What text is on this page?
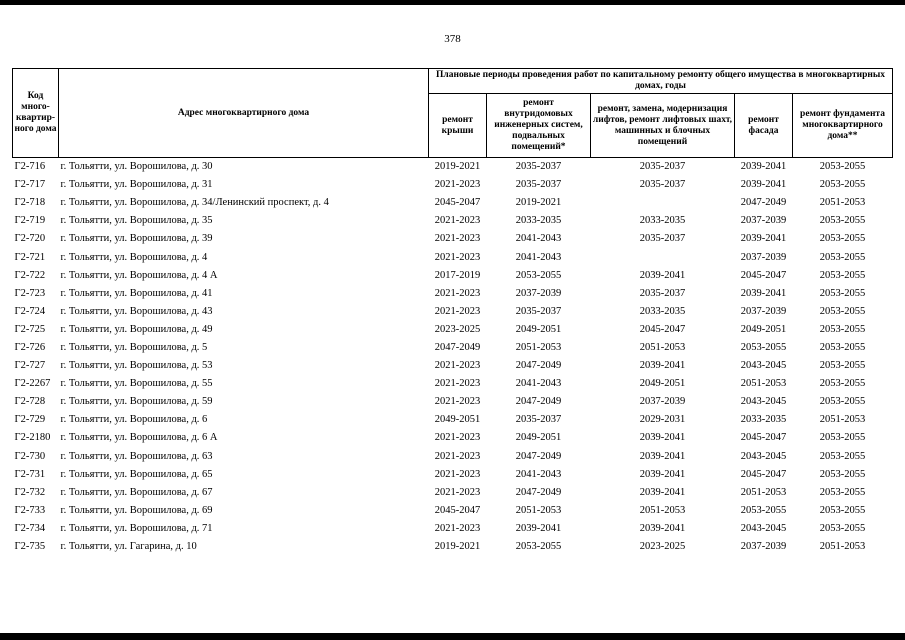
378
Код много-квартир-ного дома	Адрес многоквартирного дома	Плановые периоды проведения работ по капитальному ремонту общего имущества в многоквартирных домах, годы				
		ремонт крыши	ремонт внутридомовых инженерных систем, подвальных помещений*	ремонт, замена, модернизация лифтов, ремонт лифтовых шахт, машинных и блочных помещений	ремонт фасада	ремонт фундамента многоквартирного дома**
Г2-716	г. Тольятти, ул. Ворошилова, д. 30	2019-2021	2035-2037	2035-2037	2039-2041	2053-2055
Г2-717	г. Тольятти, ул. Ворошилова, д. 31	2021-2023	2035-2037	2035-2037	2039-2041	2053-2055
Г2-718	г. Тольятти, ул. Ворошилова, д. 34/Ленинский проспект, д. 4	2045-2047	2019-2021		2047-2049	2051-2053
Г2-719	г. Тольятти, ул. Ворошилова, д. 35	2021-2023	2033-2035	2033-2035	2037-2039	2053-2055
Г2-720	г. Тольятти, ул. Ворошилова, д. 39	2021-2023	2041-2043	2035-2037	2039-2041	2053-2055
Г2-721	г. Тольятти, ул. Ворошилова, д. 4	2021-2023	2041-2043		2037-2039	2053-2055
Г2-722	г. Тольятти, ул. Ворошилова, д. 4 А	2017-2019	2053-2055	2039-2041	2045-2047	2053-2055
Г2-723	г. Тольятти, ул. Ворошилова, д. 41	2021-2023	2037-2039	2035-2037	2039-2041	2053-2055
Г2-724	г. Тольятти, ул. Ворошилова, д. 43	2021-2023	2035-2037	2033-2035	2037-2039	2053-2055
Г2-725	г. Тольятти, ул. Ворошилова, д. 49	2023-2025	2049-2051	2045-2047	2049-2051	2053-2055
Г2-726	г. Тольятти, ул. Ворошилова, д. 5	2047-2049	2051-2053	2051-2053	2053-2055	2053-2055
Г2-727	г. Тольятти, ул. Ворошилова, д. 53	2021-2023	2047-2049	2039-2041	2043-2045	2053-2055
Г2-2267	г. Тольятти, ул. Ворошилова, д. 55	2021-2023	2041-2043	2049-2051	2051-2053	2053-2055
Г2-728	г. Тольятти, ул. Ворошилова, д. 59	2021-2023	2047-2049	2037-2039	2043-2045	2053-2055
Г2-729	г. Тольятти, ул. Ворошилова, д. 6	2049-2051	2035-2037	2029-2031	2033-2035	2051-2053
Г2-2180	г. Тольятти, ул. Ворошилова, д. 6 А	2021-2023	2049-2051	2039-2041	2045-2047	2053-2055
Г2-730	г. Тольятти, ул. Ворошилова, д. 63	2021-2023	2047-2049	2039-2041	2043-2045	2053-2055
Г2-731	г. Тольятти, ул. Ворошилова, д. 65	2021-2023	2041-2043	2039-2041	2045-2047	2053-2055
Г2-732	г. Тольятти, ул. Ворошилова, д. 67	2021-2023	2047-2049	2039-2041	2051-2053	2053-2055
Г2-733	г. Тольятти, ул. Ворошилова, д. 69	2045-2047	2051-2053	2051-2053	2053-2055	2053-2055
Г2-734	г. Тольятти, ул. Ворошилова, д. 71	2021-2023	2039-2041	2039-2041	2043-2045	2053-2055
Г2-735	г. Тольятти, ул. Гагарина, д. 10	2019-2021	2053-2055	2023-2025	2037-2039	2051-2053
